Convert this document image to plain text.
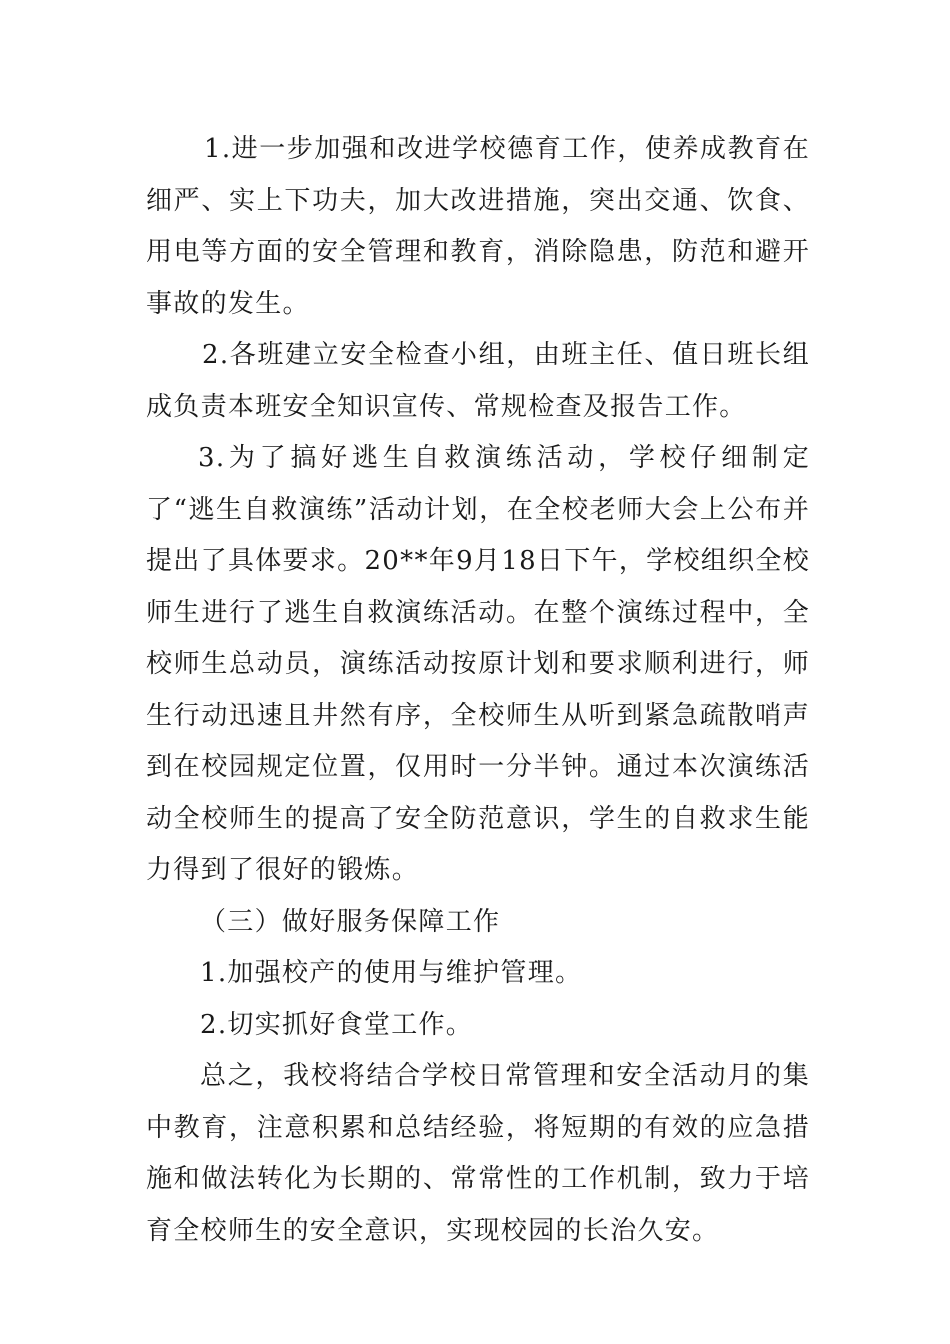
1.进一步加强和改进学校德育工作，使养成教育在细严、实上下功夫，加大改进措施，突出交通、饮食、用电等方面的安全管理和教育，消除隐患，防范和避开事故的发生。

2.各班建立安全检查小组，由班主任、值日班长组成负责本班安全知识宣传、常规检查及报告工作。

3.为了搞好逃生自救演练活动，学校仔细制定了“逃生自救演练”活动计划，在全校老师大会上公布并提出了具体要求。20**年9月18日下午，学校组织全校师生进行了逃生自救演练活动。在整个演练过程中，全校师生总动员，演练活动按原计划和要求顺利进行，师生行动迅速且井然有序，全校师生从听到紧急疏散哨声到在校园规定位置，仅用时一分半钟。通过本次演练活动全校师生的提高了安全防范意识，学生的自救求生能力得到了很好的锻炼。

（三）做好服务保障工作

1.加强校产的使用与维护管理。

2.切实抓好食堂工作。

总之，我校将结合学校日常管理和安全活动月的集中教育，注意积累和总结经验，将短期的有效的应急措施和做法转化为长期的、常常性的工作机制，致力于培育全校师生的安全意识，实现校园的长治久安。
